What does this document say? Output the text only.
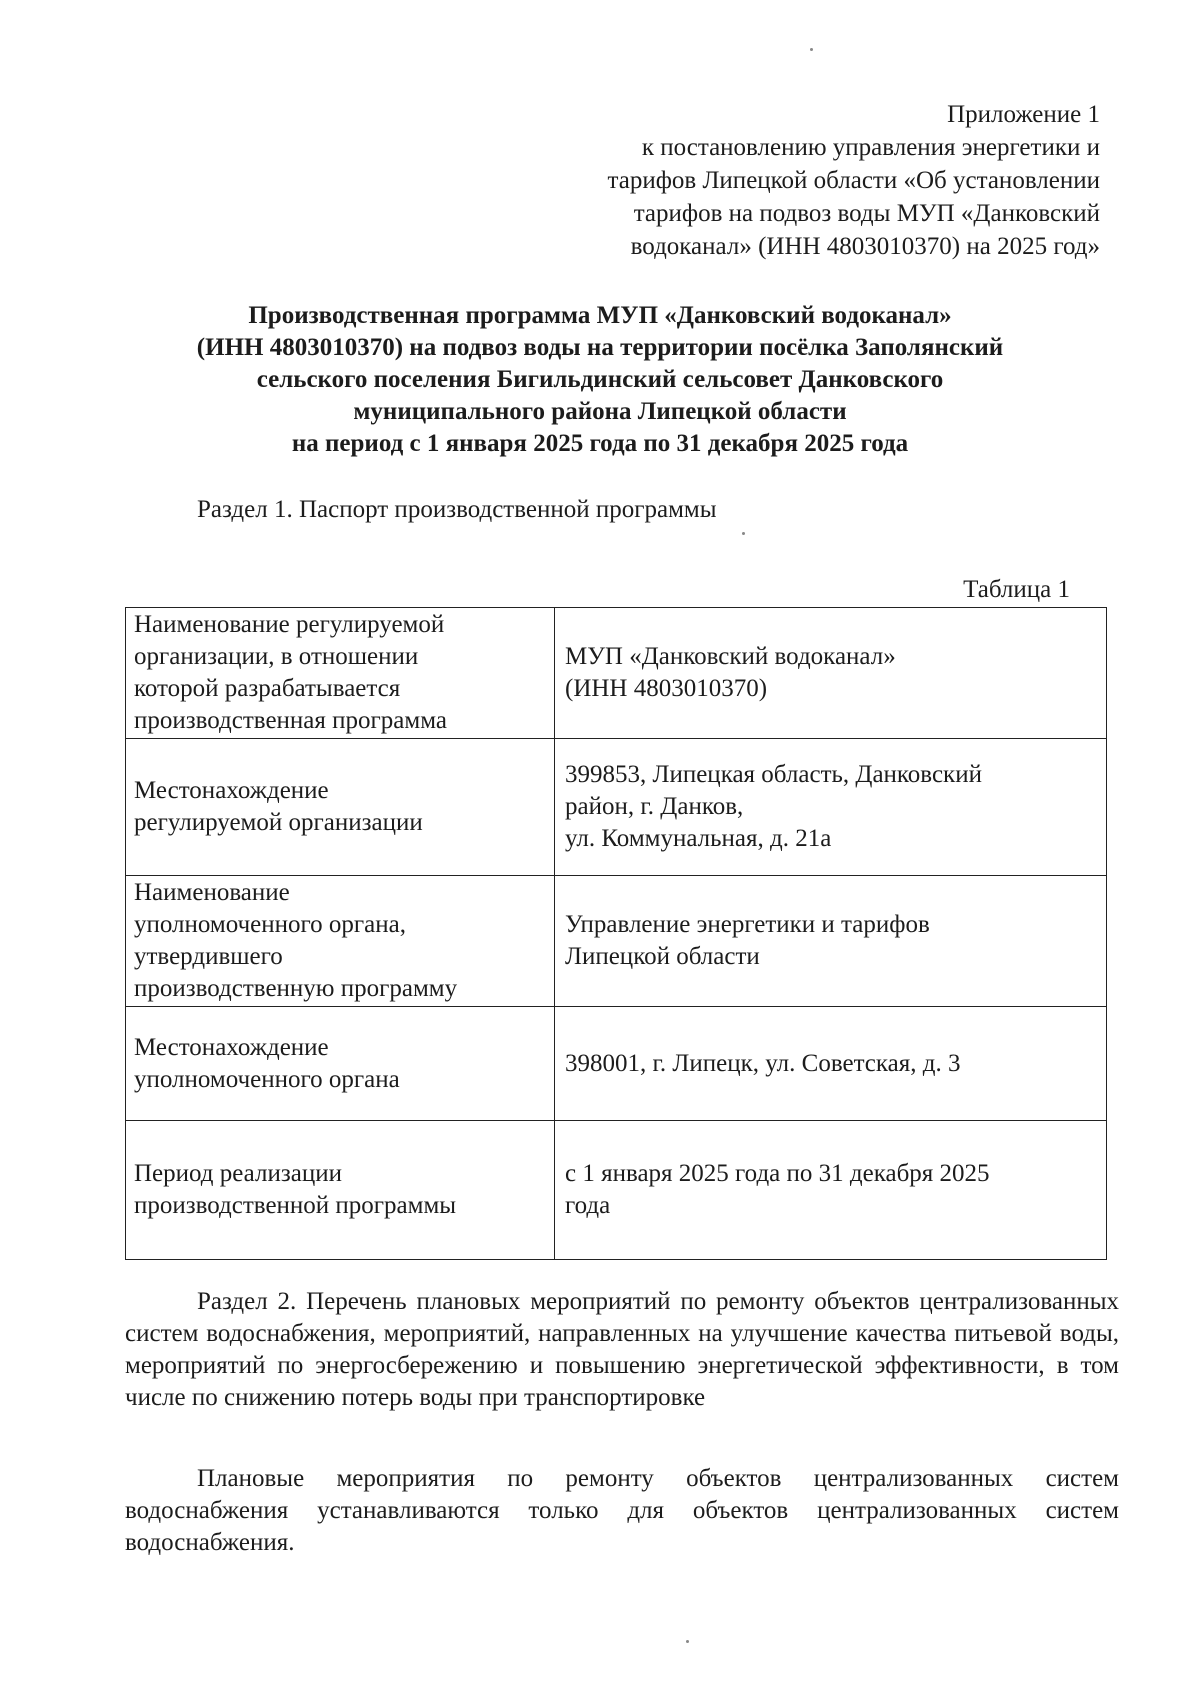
Приложение 1
к постановлению управления энергетики и
тарифов Липецкой области «Об установлении
тарифов на подвоз воды МУП «Данковский
водоканал» (ИНН 4803010370) на 2025 год»
Производственная программа МУП «Данковский водоканал»
(ИНН 4803010370) на подвоз воды на территории посёлка Заполянский
сельского поселения Бигильдинский сельсовет Данковского
муниципального района Липецкой области
на период с 1 января 2025 года по 31 декабря 2025 года
Раздел 1. Паспорт производственной программы
Таблица 1
Наименование регулируемой
организации, в отношении
которой разрабатывается
производственная программа	МУП «Данковский водоканал»
(ИНН 4803010370)
Местонахождение
регулируемой организации	399853, Липецкая область, Данковский
район, г. Данков,
ул. Коммунальная, д. 21а
Наименование
уполномоченного органа,
утвердившего
производственную программу	Управление энергетики и тарифов
Липецкой области
Местонахождение
уполномоченного органа	398001, г. Липецк, ул. Советская, д. 3
Период реализации
производственной программы	с 1 января 2025 года по 31 декабря 2025
года
Раздел 2. Перечень плановых мероприятий по ремонту объектов централизованных систем водоснабжения, мероприятий, направленных на улучшение качества питьевой воды, мероприятий по энергосбережению и повышению энергетической эффективности, в том числе по снижению потерь воды при транспортировке
Плановые мероприятия по ремонту объектов централизованных систем водоснабжения устанавливаются только для объектов централизованных систем водоснабжения.
